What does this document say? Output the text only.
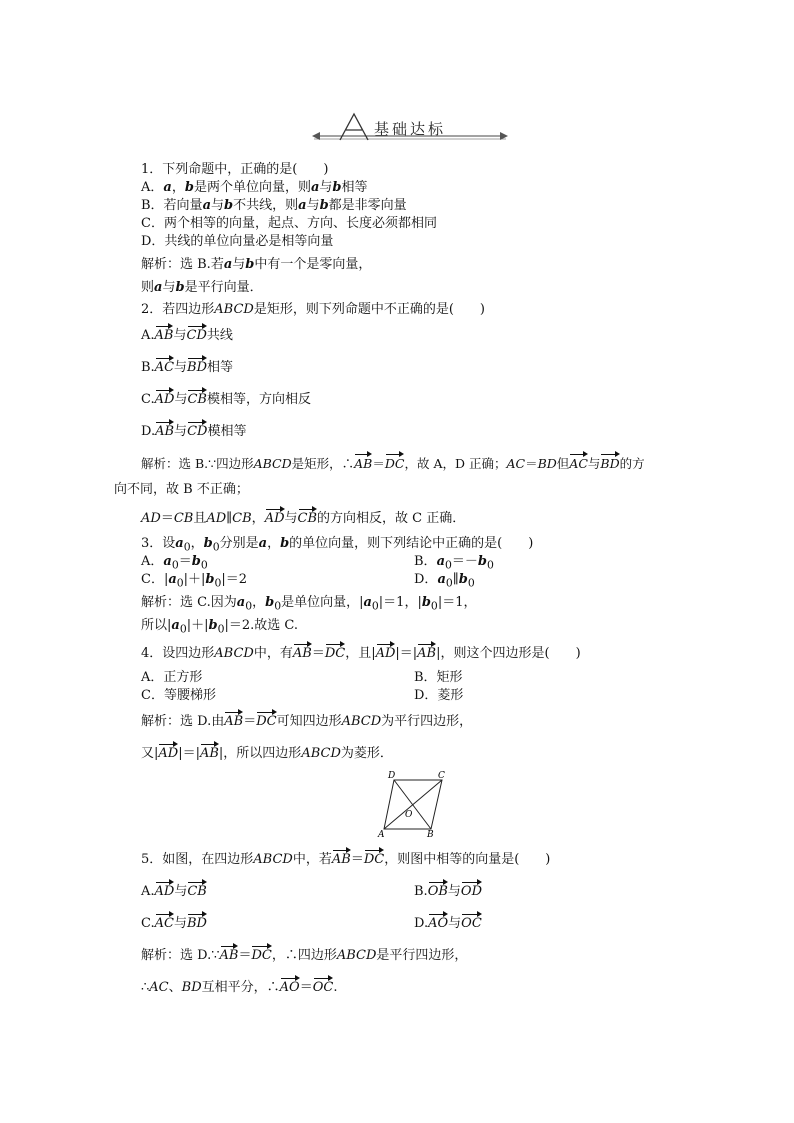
基础达标
1．下列命题中，正确的是(　　)
A．a，b是两个单位向量，则a与b相等
B．若向量a与b不共线，则a与b都是非零向量
C．两个相等的向量，起点、方向、长度必须都相同
D．共线的单位向量必是相等向量
解析：选 B.若a与b中有一个是零向量，
则a与b是平行向量．
2．若四边形ABCD是矩形，则下列命题中不正确的是(　　)
A.AB与CD共线
B.AC与BD相等
C.AD与CB模相等，方向相反
D.AB与CD模相等
解析：选 B.∵四边形ABCD是矩形，∴AB＝DC，故 A，D 正确；AC＝BD但AC与BD的方
向不同，故 B 不正确；
AD＝CB且AD∥CB，AD与CB的方向相反，故 C 正确．
3．设$a_0$，$b_0$分别是a，b的单位向量，则下列结论中正确的是(　　)
A．$a_0=b_0$	B．$a_0=-b_0$
C．$|a_0|+|b_0|=2$	D．$a_0\parallel b_0$
解析：选 C.因为$a_0$，$b_0$是单位向量，$|a_0|=1$，$|b_0|=1$，
所以$|a_0|+|b_0|=2$.故选 C.
4．设四边形ABCD中，有AB＝DC，且|AD|＝|AB|，则这个四边形是(　　)
A．正方形	B．矩形
C．等腰梯形	D．菱形
解析：选 D.由AB＝DC可知四边形ABCD为平行四边形，
又|AD|＝|AB|，所以四边形ABCD为菱形．
D	C
A	B
O
5．如图，在四边形ABCD中，若AB＝DC，则图中相等的向量是(　　)
A.AD与CB	B.OB与OD
C.AC与BD	D.AO与OC
解析：选 D.∵AB＝DC，∴四边形ABCD是平行四边形，
∴AC、BD互相平分，∴AO＝OC.
